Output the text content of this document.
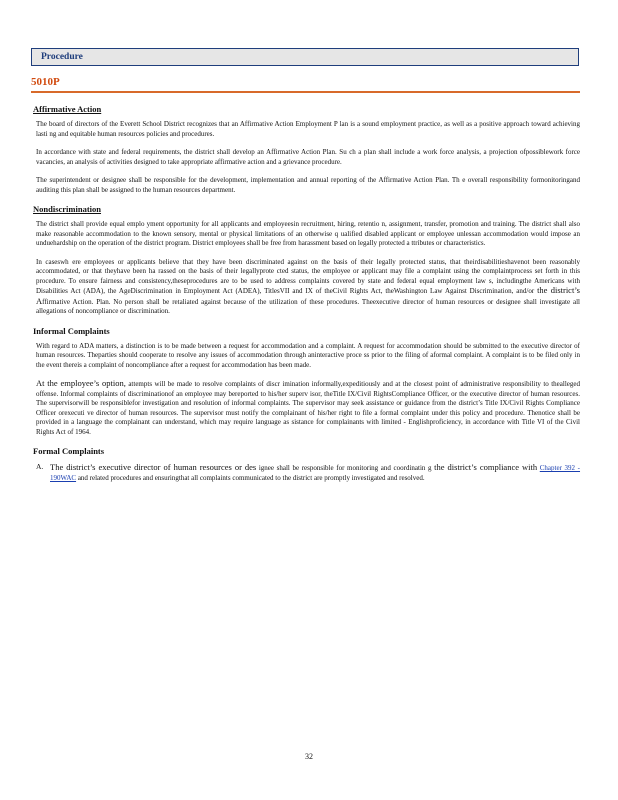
Procedure
5010P
Affirmative Action

The board of directors of the Everett School District recognizes that an Affirmative Action Employment P lan is a sound employment practice, as well as a positive approach toward achieving lasti ng and equitable human resources policies and procedures.

In accordance with state and federal requirements, the district shall develop an Affirmative Action Plan. Su ch a plan shall include a work force analysis, a projection ofpossiblework force vacancies, an analysis of activities designed to take appropriate affirmative action and a grievance procedure.

The superintendent or designee shall be responsible for the development, implementation and annual reporting of the Affirmative Action Plan. Th e overall responsibility formonitoringand auditing this plan shall be assigned to the human resources department.

Nondiscrimination

The district shall provide equal emplo yment opportunity for all applicants and employeesin recruitment, hiring, retentio n, assignment, transfer, promotion and training. The district shall also make reasonable accommodation to the known sensory, mental or physical limitations of an otherwise q ualified disabled applicant or employee unlessan accommodation would impose an unduehardship on the operation of the district program. District employees shall be free from harassment based on legally protected a ttributes or characteristics.

In caseswh ere employees or applicants believe that they have been discriminated against on the basis of their legally protected status, that theirdisabilitieshavenot been reasonably accommodated, or that theyhave been ha rassed on the basis of their legallyprote cted status, the employee or applicant may file a complaint using the complaintprocess set forth in this procedure. To ensure fairness and consistency,theseprocedures are to be used to address complaints covered by state and federal equal employment law s, includingthe Americans with Disabilities Act (ADA), the AgeDiscrimination in Employment Act (ADEA), TitlesVII and IX of theCivil Rights Act, theWashington Law Against Discrimination, and/or the district’s Affirmative Action. Plan. No person shall be retaliated against because of the utilization of these procedures. Theexecutive director of human resources or designee shall investigate all allegations of noncompliance or discrimination.

Informal Complaints

With regard to ADA matters, a distinction is to be made between a request for accommodation and a complaint. A request for accommodation should be submitted to the executive director of human resources. Theparties should cooperate to resolve any issues of accommodation through aninteractive proce ss prior to the filing of aformal complaint. A complaint is to be filed only in the event thereis a complaint of noncompliance after a request for accommodation has been made.

At the employee’s option, attempts will be made to resolve complaints of discr imination informally,expeditiously and at the closest point of administrative responsibility to thealleged offense. Informal complaints of discriminationof an employee may bereported to his/her superv isor, theTitle IX/Civil RightsCompliance Officer, or the executive director of human resources. The supervisorwill be responsiblefor investigation and resolution of informal complaints. The supervisor may seek assistance or guidance from the district’s Title IX/Civil Rights Compliance Officer orexecuti ve director of human resources. The supervisor must notify the complainant of his/her right to file a formal complaint under this policy and procedure. Thenotice shall be provided in a language the complainant can understand, which may require language as sistance for complainants with limited - Englishproficiency, in accordance with Title VI of the Civil Rights Act of 1964.

Formal Complaints
A. The district’s executive director of human resources or des ignee shall be responsible for monitoring and coordinatin g the district’s compliance with Chapter 392 - 190WAC and related procedures and ensuringthat all complaints communicated to the district are promptly investigated and resolved.
32
